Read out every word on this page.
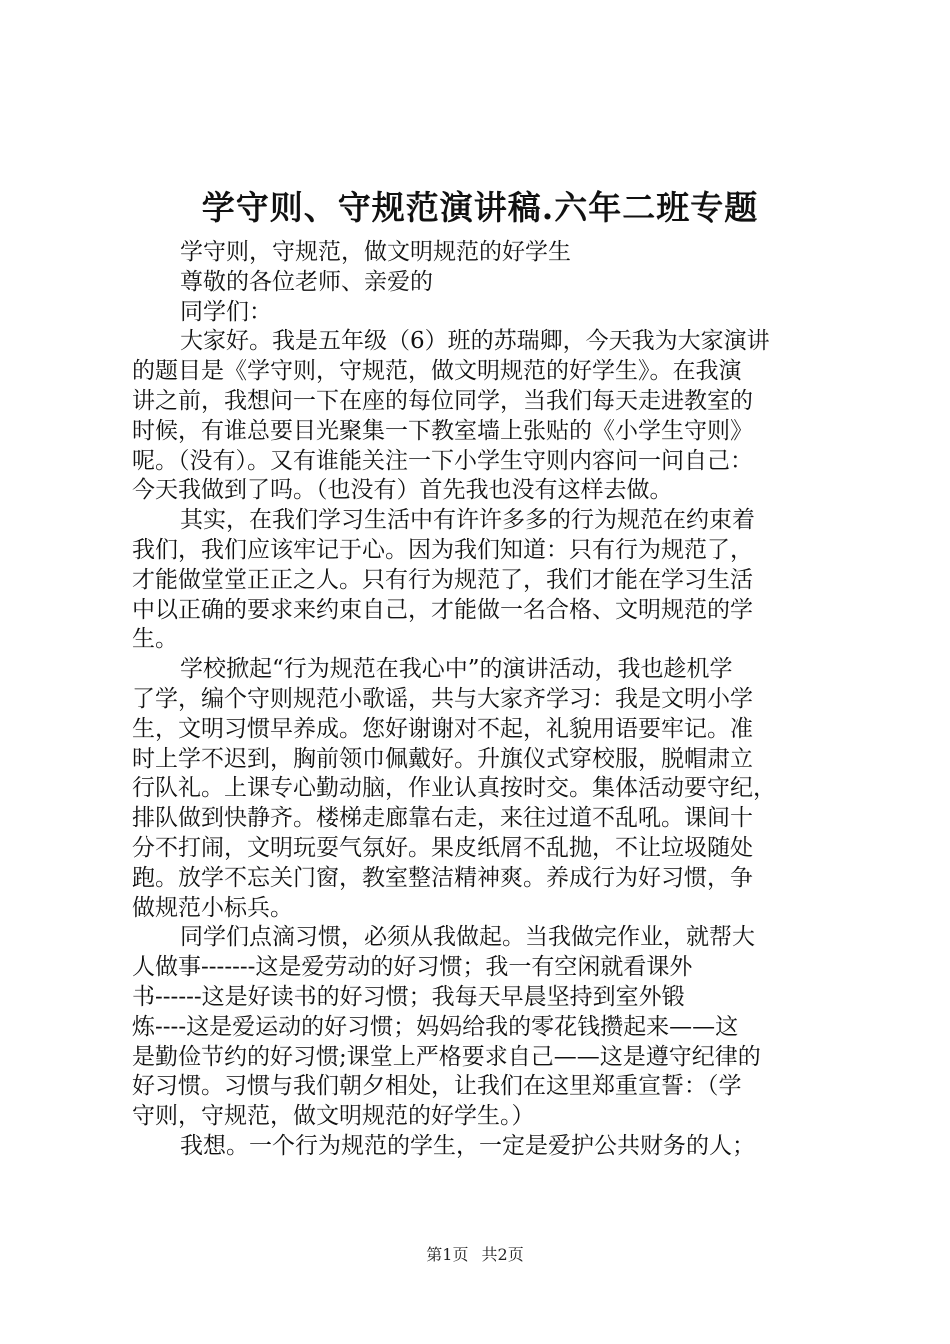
学守则、守规范演讲稿.六年二班专题
学守则，守规范，做文明规范的好学生
尊敬的各位老师、亲爱的
同学们：
大家好。我是五年级（6）班的苏瑞卿，今天我为大家演讲
的题目是《学守则，守规范，做文明规范的好学生》。在我演
讲之前，我想问一下在座的每位同学，当我们每天走进教室的
时候，有谁总要目光聚集一下教室墙上张贴的《小学生守则》
呢。（没有）。又有谁能关注一下小学生守则内容问一问自己：
今天我做到了吗。（也没有）首先我也没有这样去做。
其实，在我们学习生活中有许许多多的行为规范在约束着
我们，我们应该牢记于心。因为我们知道：只有行为规范了，
才能做堂堂正正之人。只有行为规范了，我们才能在学习生活
中以正确的要求来约束自己，才能做一名合格、文明规范的学
生。
学校掀起“行为规范在我心中”的演讲活动，我也趁机学
了学，编个守则规范小歌谣，共与大家齐学习：我是文明小学
生，文明习惯早养成。您好谢谢对不起，礼貌用语要牢记。准
时上学不迟到，胸前领巾佩戴好。升旗仪式穿校服，脱帽肃立
行队礼。上课专心勤动脑，作业认真按时交。集体活动要守纪，
排队做到快静齐。楼梯走廊靠右走，来往过道不乱吼。课间十
分不打闹，文明玩耍气氛好。果皮纸屑不乱抛，不让垃圾随处
跑。放学不忘关门窗，教室整洁精神爽。养成行为好习惯，争
做规范小标兵。
同学们点滴习惯，必须从我做起。当我做完作业，就帮大
人做事-------这是爱劳动的好习惯；我一有空闲就看课外
书------这是好读书的好习惯；我每天早晨坚持到室外锻
炼----这是爱运动的好习惯；妈妈给我的零花钱攒起来——这
是勤俭节约的好习惯;课堂上严格要求自己——这是遵守纪律的
好习惯。习惯与我们朝夕相处，让我们在这里郑重宣誓：（学
守则，守规范，做文明规范的好学生。）
我想。一个行为规范的学生，一定是爱护公共财务的人；
第1页 共2页
